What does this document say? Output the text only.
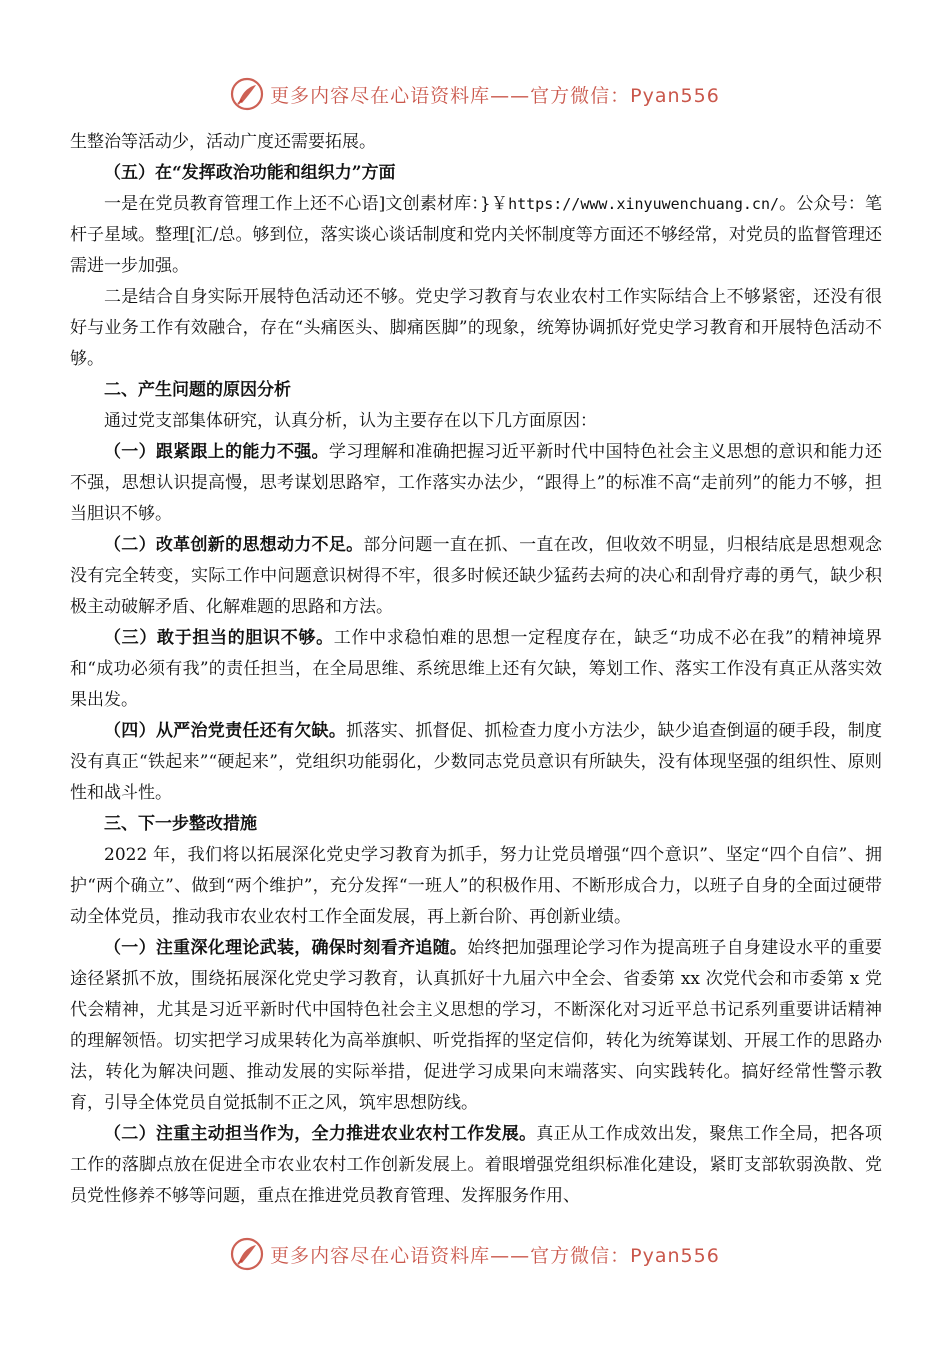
更多内容尽在心语资料库——官方微信：Pyan556

生整治等活动少，活动广度还需要拓展。

（五）在“发挥政治功能和组织力”方面

一是在党员教育管理工作上还不心语]文创素材库：}￥https://www.xinyuwenchuang.cn/。公众号：笔杆子星域。整理[汇/总。够到位，落实谈心谈话制度和党内关怀制度等方面还不够经常，对党员的监督管理还需进一步加强。

二是结合自身实际开展特色活动还不够。党史学习教育与农业农村工作实际结合上不够紧密，还没有很好与业务工作有效融合，存在“头痛医头、脚痛医脚”的现象，统筹协调抓好党史学习教育和开展特色活动不够。

二、产生问题的原因分析

通过党支部集体研究，认真分析，认为主要存在以下几方面原因：

（一）跟紧跟上的能力不强。学习理解和准确把握习近平新时代中国特色社会主义思想的意识和能力还不强，思想认识提高慢，思考谋划思路窄，工作落实办法少，“跟得上”的标准不高“走前列”的能力不够，担当胆识不够。

（二）改革创新的思想动力不足。部分问题一直在抓、一直在改，但收效不明显，归根结底是思想观念没有完全转变，实际工作中问题意识树得不牢，很多时候还缺少猛药去疴的决心和刮骨疗毒的勇气，缺少积极主动破解矛盾、化解难题的思路和方法。

（三）敢于担当的胆识不够。工作中求稳怕难的思想一定程度存在，缺乏“功成不必在我”的精神境界和“成功必须有我”的责任担当，在全局思维、系统思维上还有欠缺，筹划工作、落实工作没有真正从落实效果出发。

（四）从严治党责任还有欠缺。抓落实、抓督促、抓检查力度小方法少，缺少追查倒逼的硬手段，制度没有真正“铁起来”“硬起来”，党组织功能弱化，少数同志党员意识有所缺失，没有体现坚强的组织性、原则性和战斗性。

三、下一步整改措施

2022 年，我们将以拓展深化党史学习教育为抓手，努力让党员增强“四个意识”、坚定“四个自信”、拥护“两个确立”、做到“两个维护”，充分发挥“一班人”的积极作用、不断形成合力，以班子自身的全面过硬带动全体党员，推动我市农业农村工作全面发展，再上新台阶、再创新业绩。

（一）注重深化理论武装，确保时刻看齐追随。始终把加强理论学习作为提高班子自身建设水平的重要途径紧抓不放，围绕拓展深化党史学习教育，认真抓好十九届六中全会、省委第 xx 次党代会和市委第 x 党代会精神，尤其是习近平新时代中国特色社会主义思想的学习，不断深化对习近平总书记系列重要讲话精神的理解领悟。切实把学习成果转化为高举旗帜、听党指挥的坚定信仰，转化为统筹谋划、开展工作的思路办法，转化为解决问题、推动发展的实际举措，促进学习成果向末端落实、向实践转化。搞好经常性警示教育，引导全体党员自觉抵制不正之风，筑牢思想防线。

（二）注重主动担当作为，全力推进农业农村工作发展。真正从工作成效出发，聚焦工作全局，把各项工作的落脚点放在促进全市农业农村工作创新发展上。着眼增强党组织标准化建设，紧盯支部软弱涣散、党员党性修养不够等问题，重点在推进党员教育管理、发挥服务作用、

更多内容尽在心语资料库——官方微信：Pyan556
